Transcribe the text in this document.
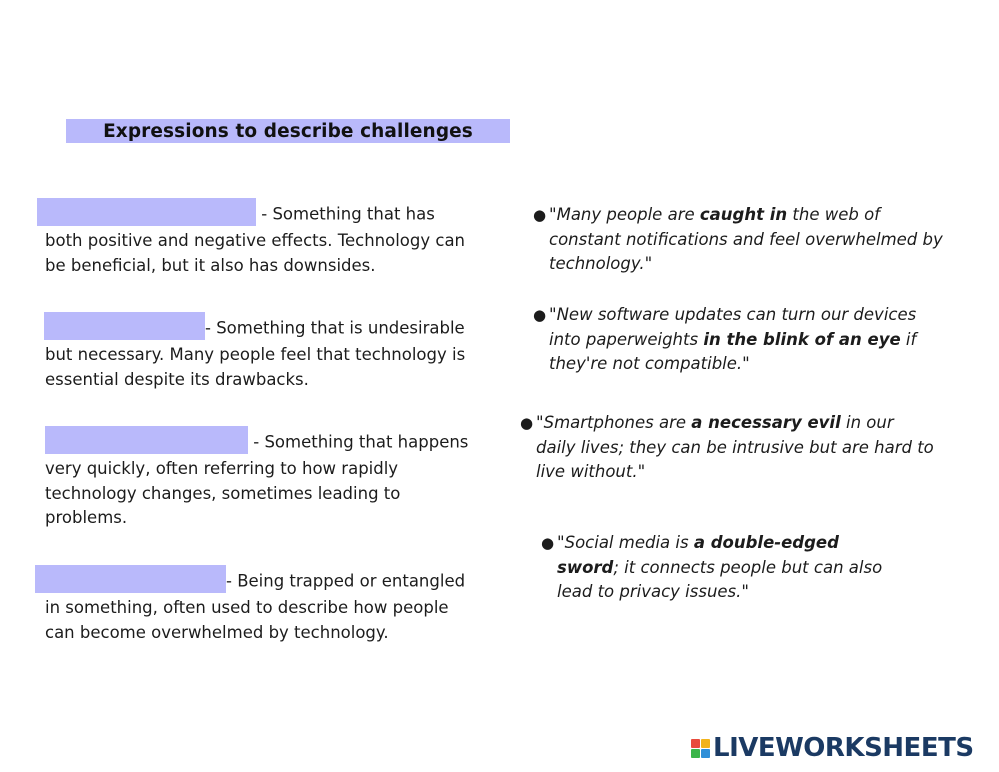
Expressions to describe challenges
- Something that has both positive and negative effects. Technology can be beneficial, but it also has downsides.
- Something that is undesirable but necessary. Many people feel that technology is essential despite its drawbacks.
- Something that happens very quickly, often referring to how rapidly technology changes, sometimes leading to problems.
- Being trapped or entangled in something, often used to describe how people can become overwhelmed by technology.
● "Many people are caught in the web of constant notifications and feel overwhelmed by technology."
● "New software updates can turn our devices into paperweights in the blink of an eye if they're not compatible."
● "Smartphones are a necessary evil in our daily lives; they can be intrusive but are hard to live without."
● "Social media is a double-edged sword; it connects people but can also lead to privacy issues."
LIVEWORKSHEETS
